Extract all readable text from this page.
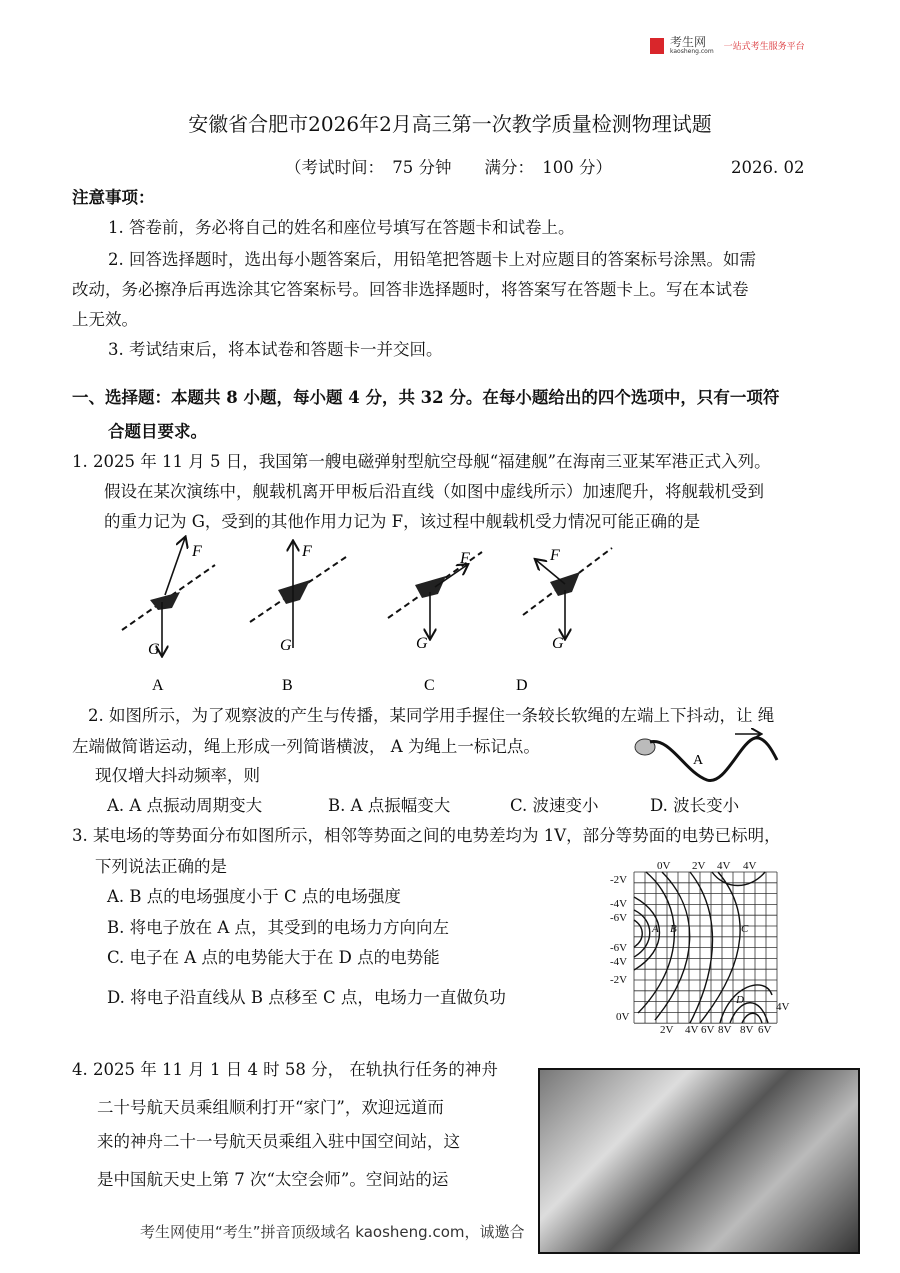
考生网
kaosheng.com 一站式考生服务平台
安徽省合肥市2026年2月高三第一次教学质量检测物理试题
（考试时间：　75 分钟　　满分：　100 分）	2026. 02
注意事项：
1. 答卷前，务必将自己的姓名和座位号填写在答题卡和试卷上。
2. 回答选择题时，选出每小题答案后，用铅笔把答题卡上对应题目的答案标号涂黑。如需
改动，务必擦净后再选涂其它答案标号。回答非选择题时，将答案写在答题卡上。写在本试卷
上无效。
3. 考试结束后，将本试卷和答题卡一并交回。
一、选择题：本题共 8 小题，每小题 4 分，共 32 分。在每小题给出的四个选项中，只有一项符
合题目要求。
1. 2025 年 11 月 5 日，我国第一艘电磁弹射型航空母舰“福建舰”在海南三亚某军港正式入列。
假设在某次演练中，舰载机离开甲板后沿直线（如图中虚线所示）加速爬升，将舰载机受到
的重力记为 G，受到的其他作用力记为 F，该过程中舰载机受力情况可能正确的是
F
G
A
F
G
B
F
G
C
F
G
D
2. 如图所示，为了观察波的产生与传播，某同学用手握住一条较长软绳的左端上下抖动，让 绳
左端做简谐运动，绳上形成一列简谐横波， A 为绳上一标记点。
现仅增大抖动频率，则
A
A. A 点振动周期变大	B. A 点振幅变大	C. 波速变小	D. 波长变小
3. 某电场的等势面分布如图所示，相邻等势面之间的电势差均为 1V，部分等势面的电势已标明，
下列说法正确的是
A. B 点的电场强度小于 C 点的电场强度
B. 将电子放在 A 点，其受到的电场力方向向左
C. 电子在 A 点的电势能大于在 D 点的电势能
D. 将电子沿直线从 B 点移至 C 点，电场力一直做负功
0V 2V 4V 4V
-2V
-4V
-6V
-6V
-4V
-2V
0V
2V 4V 6V 8V 8V 6V
4V
A B	C
D
4. 2025 年 11 月 1 日 4 时 58 分， 在轨执行任务的神舟
二十号航天员乘组顺利打开“家门”，欢迎远道而
来的神舟二十一号航天员乘组入驻中国空间站，这
是中国航天史上第 7 次“太空会师”。空间站的运
考生网使用“考生”拼音顶级域名 kaosheng.com，诚邀合
